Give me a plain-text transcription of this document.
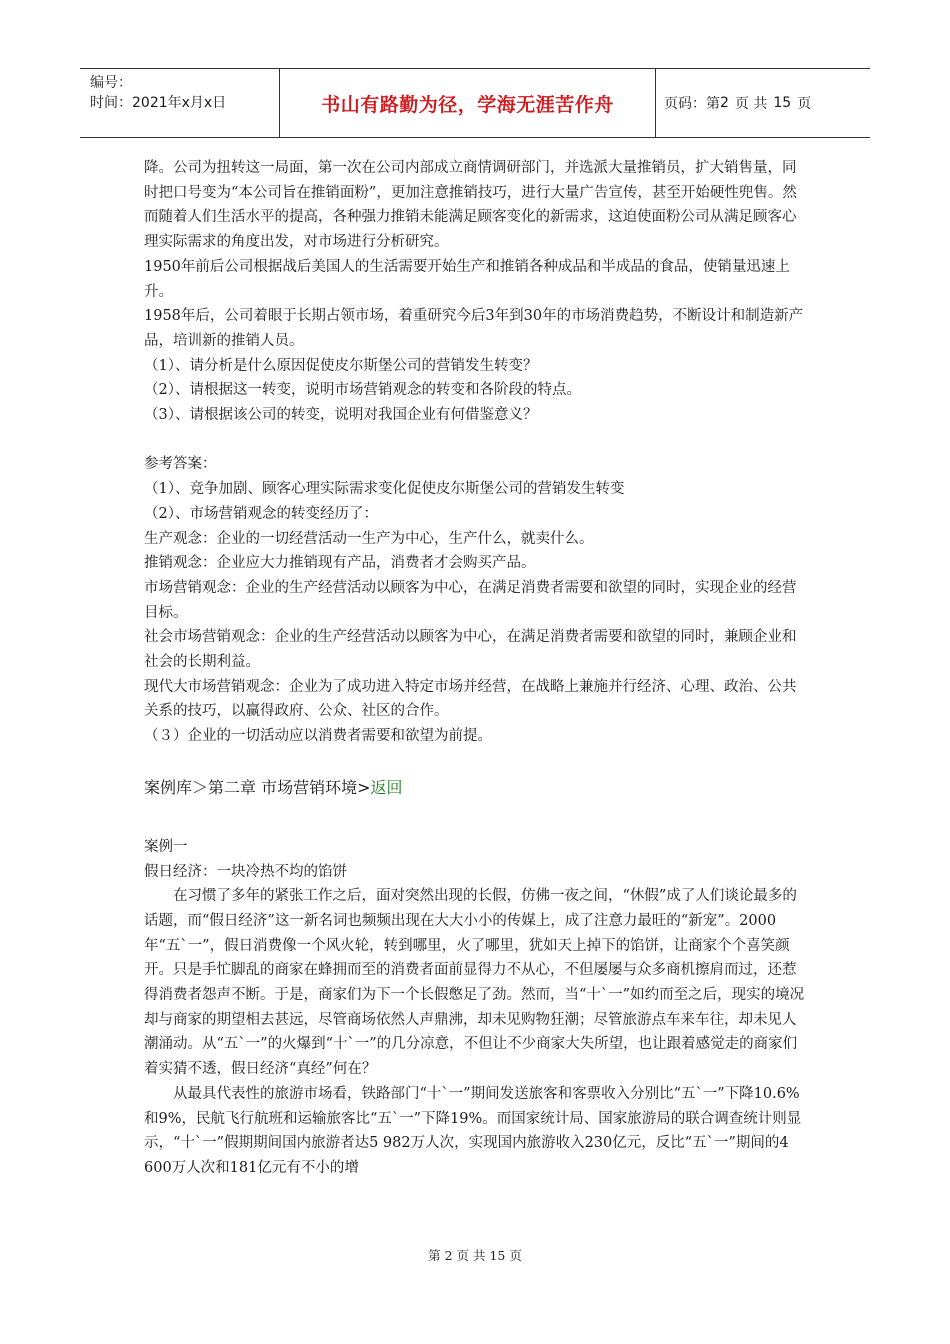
编号：
时间：2021年x月x日	书山有路勤为径，学海无涯苦作舟	页码：第 2 页 共 15 页

降。公司为扭转这一局面，第一次在公司内部成立商情调研部门，并选派大量推销员，扩大销售量，同时把口号变为“本公司旨在推销面粉”，更加注意推销技巧，进行大量广告宣传，甚至开始硬性兜售。然而随着人们生活水平的提高，各种强力推销未能满足顾客变化的新需求，这迫使面粉公司从满足顾客心理实际需求的角度出发，对市场进行分析研究。

1950年前后公司根据战后美国人的生活需要开始生产和推销各种成品和半成品的食品，使销量迅速上升。

1958年后，公司着眼于长期占领市场，着重研究今后3年到30年的市场消费趋势，不断设计和制造新产品，培训新的推销人员。

（1）、请分析是什么原因促使皮尔斯堡公司的营销发生转变？

（2）、请根据这一转变，说明市场营销观念的转变和各阶段的特点。

（3）、请根据该公司的转变，说明对我国企业有何借鉴意义？

参考答案：

（1）、竞争加剧、顾客心理实际需求变化促使皮尔斯堡公司的营销发生转变

（2）、市场营销观念的转变经历了：

生产观念：企业的一切经营活动一生产为中心，生产什么，就卖什么。

推销观念：企业应大力推销现有产品，消费者才会购买产品。

市场营销观念：企业的生产经营活动以顾客为中心，在满足消费者需要和欲望的同时，实现企业的经营目标。

社会市场营销观念：企业的生产经营活动以顾客为中心，在满足消费者需要和欲望的同时，兼顾企业和社会的长期利益。

现代大市场营销观念：企业为了成功进入特定市场并经营，在战略上兼施并行经济、心理、政治、公共关系的技巧，以赢得政府、公众、社区的合作。

（３）企业的一切活动应以消费者需要和欲望为前提。

案例库＞第二章 市场营销环境>返回

案例一

假日经济：一块冷热不均的馅饼

在习惯了多年的紧张工作之后，面对突然出现的长假，仿佛一夜之间，“休假”成了人们谈论最多的话题，而“假日经济”这一新名词也频频出现在大大小小的传媒上，成了注意力最旺的“新宠”。2000年“五`一”，假日消费像一个风火轮，转到哪里，火了哪里，犹如天上掉下的馅饼，让商家个个喜笑颜开。只是手忙脚乱的商家在蜂拥而至的消费者面前显得力不从心，不但屡屡与众多商机擦肩而过，还惹得消费者怨声不断。于是，商家们为下一个长假憋足了劲。然而，当“十`一”如约而至之后，现实的境况却与商家的期望相去甚远，尽管商场依然人声鼎沸，却未见购物狂潮；尽管旅游点车来车往，却未见人潮涌动。从“五`一”的火爆到“十`一”的几分凉意，不但让不少商家大失所望，也让跟着感觉走的商家们着实猜不透，假日经济“真经”何在？

从最具代表性的旅游市场看，铁路部门“十`一”期间发送旅客和客票收入分别比“五`一”下降10.6%和9%，民航飞行航班和运输旅客比“五`一”下降19%。而国家统计局、国家旅游局的联合调查统计则显示，“十`一”假期期间国内旅游者达5 982万人次，实现国内旅游收入230亿元，反比“五`一”期间的4 600万人次和181亿元有不小的增

第 2 页 共 15 页
